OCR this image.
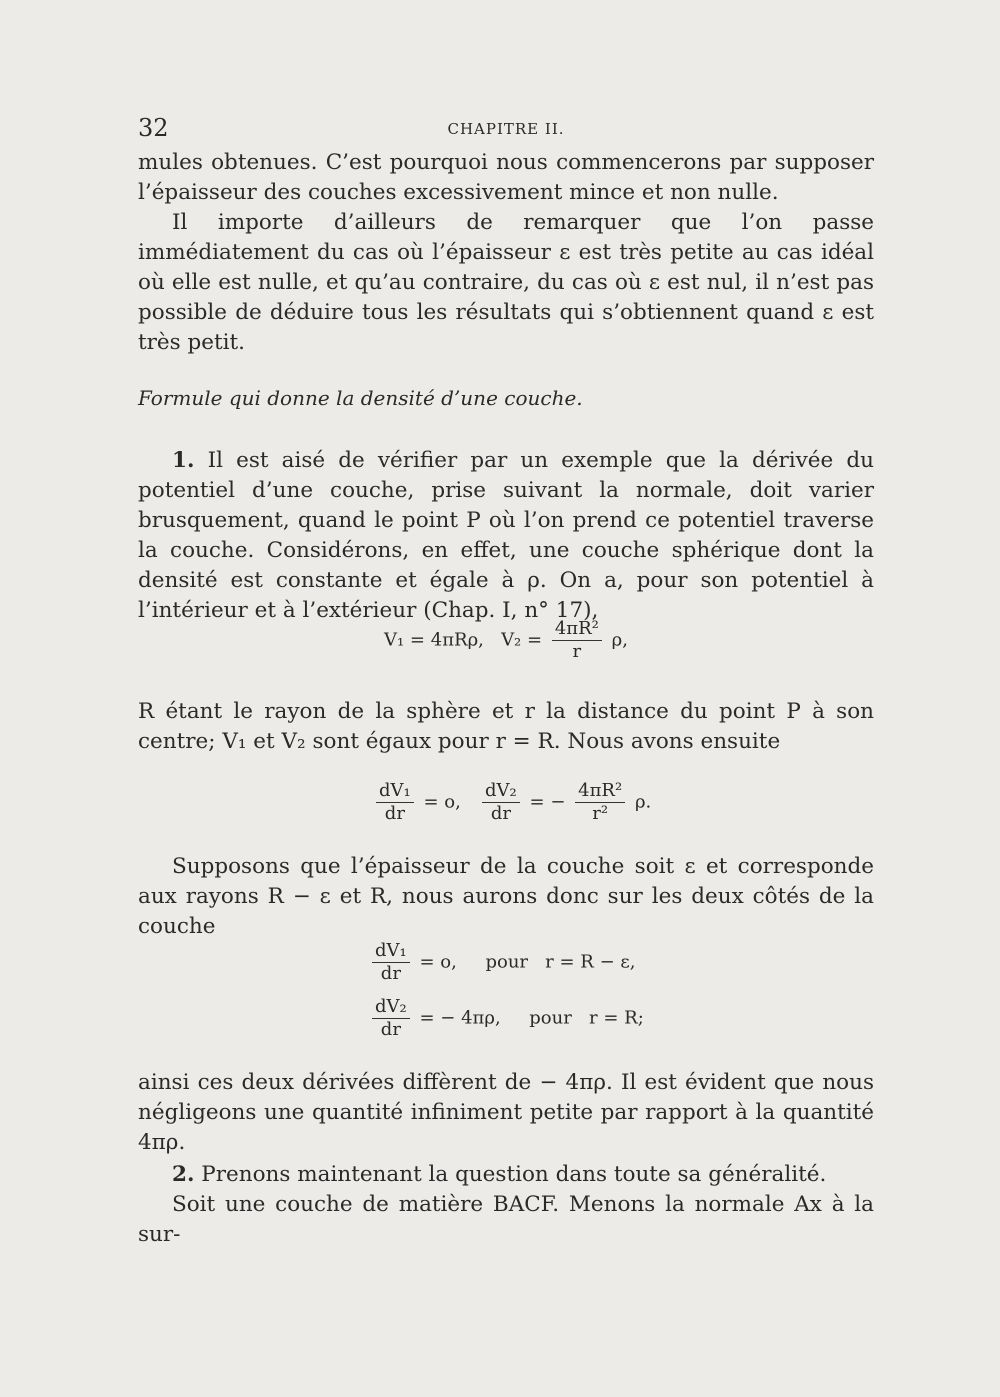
32	CHAPITRE II.

mules obtenues. C’est pourquoi nous commencerons par supposer l’épaisseur des couches excessivement mince et non nulle.

Il importe d’ailleurs de remarquer que l’on passe immédiatement du cas où l’épaisseur ε est très petite au cas idéal où elle est nulle, et qu’au contraire, du cas où ε est nul, il n’est pas possible de déduire tous les résultats qui s’obtiennent quand ε est très petit.

Formule qui donne la densité d’une couche.

1. Il est aisé de vérifier par un exemple que la dérivée du potentiel d’une couche, prise suivant la normale, doit varier brusquement, quand le point P où l’on prend ce potentiel traverse la couche. Considérons, en effet, une couche sphérique dont la densité est constante et égale à ρ. On a, pour son potentiel à l’intérieur et à l’extérieur (Chap. I, n° 17),

V₁ = 4πRρ, $V_2 = \frac{\text{4πR²}}{r} \rho$,

R étant le rayon de la sphère et r la distance du point P à son centre; V₁ et V₂ sont égaux pour r = R. Nous avons ensuite

$\frac{\text{dV₁}}{dr} = o$, $\frac{\text{dV₂}}{dr}$ = − $\frac{\text{4πR²}}{\text{r²}} \rho$.

Supposons que l’épaisseur de la couche soit ε et corresponde aux rayons R − ε et R, nous aurons donc sur les deux côtés de la couche

$\frac{\text{dV₁}}{dr} = o$,     pour   r = R − ε,
$\frac{\text{dV₂}}{dr}$ = − 4πρ,     pour   r = R;

ainsi ces deux dérivées diffèrent de − 4πρ. Il est évident que nous négligeons une quantité infiniment petite par rapport à la quantité 4πρ.

2. Prenons maintenant la question dans toute sa généralité.

Soit une couche de matière BACF. Menons la normale Ax à la sur-
